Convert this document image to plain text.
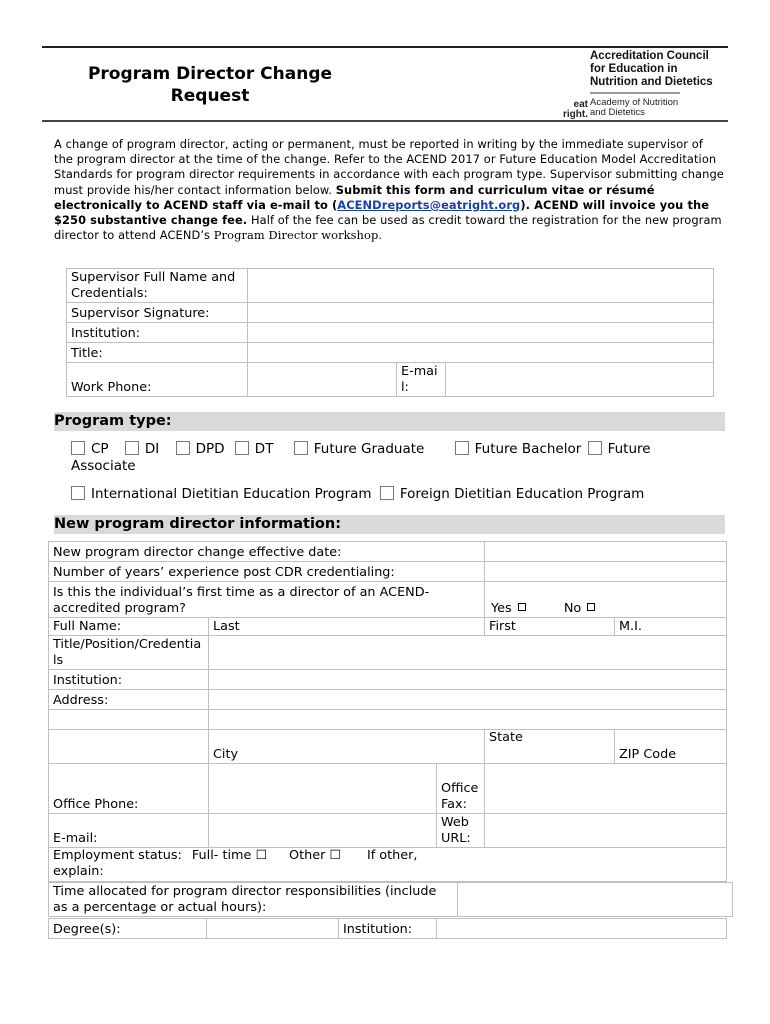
Program Director Change Request
Accreditation Council
for Education in
Nutrition and Dietetics
eat
right.
Academy of Nutrition
and Dietetics
A change of program director, acting or permanent, must be reported in writing by the immediate supervisor of the program director at the time of the change. Refer to the ACEND 2017 or Future Education Model Accreditation Standards for program director requirements in accordance with each program type. Supervisor submitting change must provide his/her contact information below. Submit this form and curriculum vitae or résumé electronically to ACEND staff via e-mail to (ACENDreports@eatright.org). ACEND will invoice you the $250 substantive change fee. Half of the fee can be used as credit toward the registration for the new program director to attend ACEND’s Program Director workshop.
Supervisor Full Name and Credentials:			
Supervisor Signature:			
Institution:			
Title:			
Work Phone:		E-mail:	
Program type:
CP	DI	DPD DT	Future Graduate	Future Bachelor Future
Associate
International Dietitian Education Program Foreign Dietitian Education Program
New program director information:
New program director change effective date:				
Number of years’ experience post CDR credentialing:				
Is this the individual’s first time as a director of an ACEND- accredited program?			Yes No	
Full Name:	Last		First	M.I.
Title/Position/Credentials				
Institution:				
Address:				

	City		State	ZIP Code
Office Phone:		Office Fax:		
E-mail:		Web URL:		
Employment status: Full- time ☐ Other ☐ If other,
explain:				
Time allocated for program director responsibilities (include as a percentage or actual hours):	
Degree(s):		Institution:	
